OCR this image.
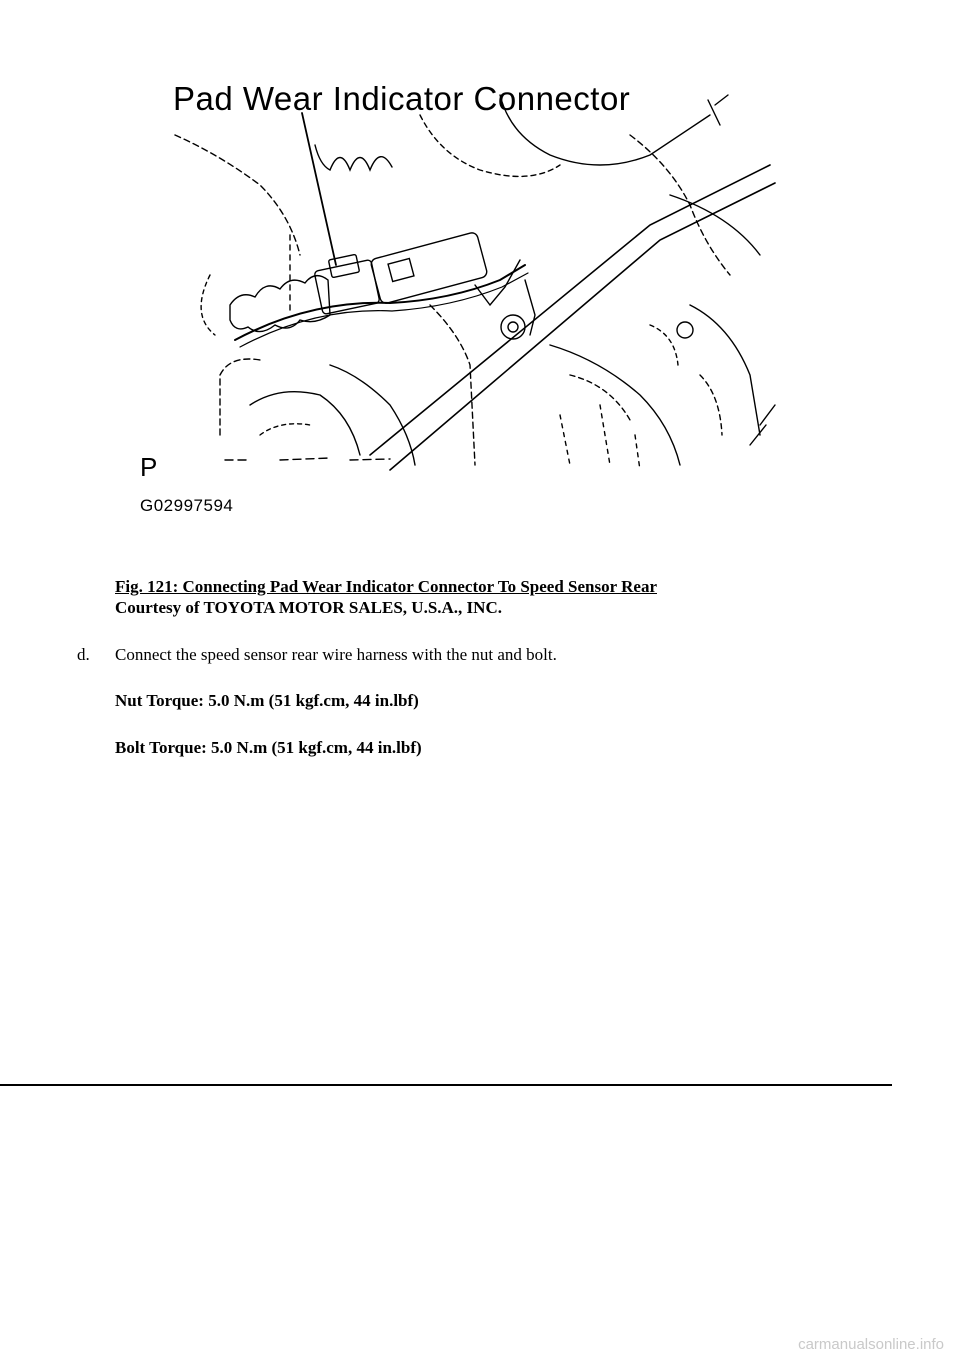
Pad Wear Indicator Connector
P
G02997594
Fig. 121: Connecting Pad Wear Indicator Connector To Speed Sensor Rear
Courtesy of TOYOTA MOTOR SALES, U.S.A., INC.
d. Connect the speed sensor rear wire harness with the nut and bolt.
Nut Torque: 5.0 N.m (51 kgf.cm, 44 in.lbf)
Bolt Torque: 5.0 N.m (51 kgf.cm, 44 in.lbf)
carmanualsonline.info
